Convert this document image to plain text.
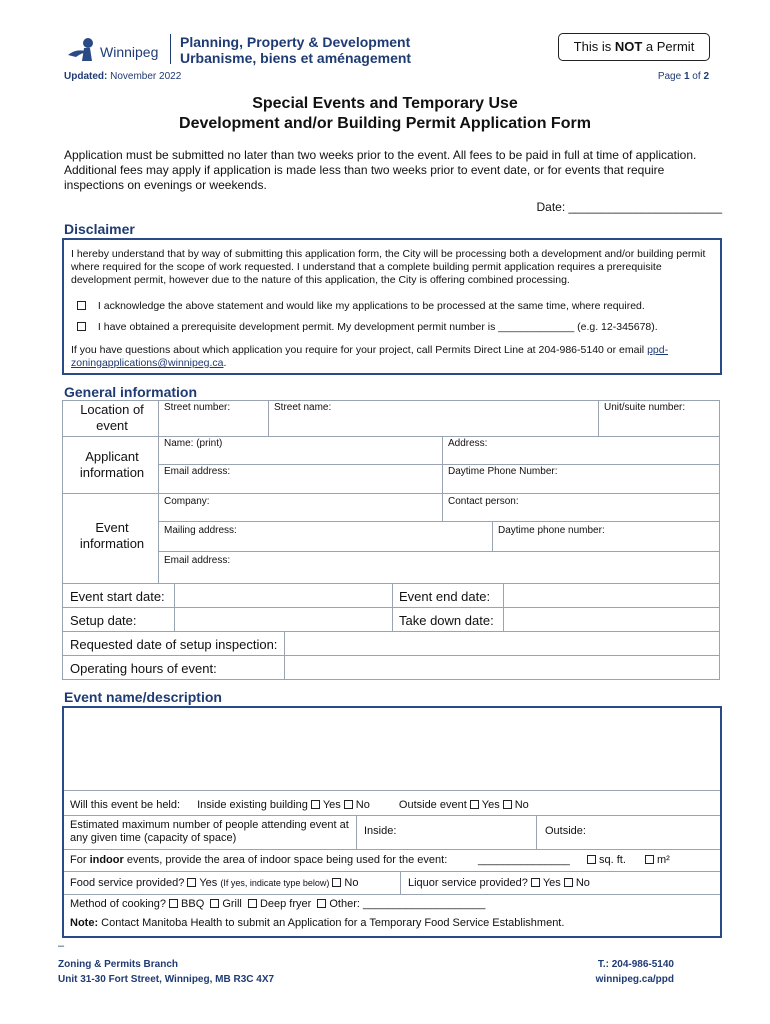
Winnipeg
Planning, Property & Development
Urbanisme, biens et aménagement
This is NOT a Permit
Updated: November 2022	Page 1 of 2
Special Events and Temporary Use
Development and/or Building Permit Application Form
Application must be submitted no later than two weeks prior to the event. All fees to be paid in full at time of application. Additional fees may apply if application is made less than two weeks prior to event date, or for events that require inspections on evenings or weekends.
Date: _______________________
Disclaimer
I hereby understand that by way of submitting this application form, the City will be processing both a development and/or building permit where required for the scope of work requested. I understand that a complete building permit application requires a prerequisite development permit, however due to the nature of this application, the City is offering combined processing.
I acknowledge the above statement and would like my applications to be processed at the same time, where required.
I have obtained a prerequisite development permit. My development permit number is _____________ (e.g. 12-345678).
If you have questions about which application you require for your project, call Permits Direct Line at 204-986-5140 or email ppd-zoningapplications@winnipeg.ca.
General information
Location of event
Street number:	Street name:	Unit/suite number:
Applicant information
Name: (print)	Address:
Email address:	Daytime Phone Number:
Event information
Company:	Contact person:
Mailing address:	Daytime phone number:
Email address:
Event start date:	Event end date:
Setup date:	Take down date:
Requested date of setup inspection:
Operating hours of event:
Event name/description
Will this event be held: Inside existing building Yes No	Outside event Yes No
Estimated maximum number of people attending event at any given time (capacity of space)
Inside:	Outside:
For indoor events, provide the area of indoor space being used for the event:	_______________	sq. ft.	m²
Food service provided? Yes (If yes, indicate type below) No	Liquor service provided? Yes No
Method of cooking? BBQ Grill Deep fryer Other: ____________________
Note: Contact Manitoba Health to submit an Application for a Temporary Food Service Establishment.
–
Zoning & Permits Branch
Unit 31-30 Fort Street, Winnipeg, MB R3C 4X7
T.: 204-986-5140
winnipeg.ca/ppd
